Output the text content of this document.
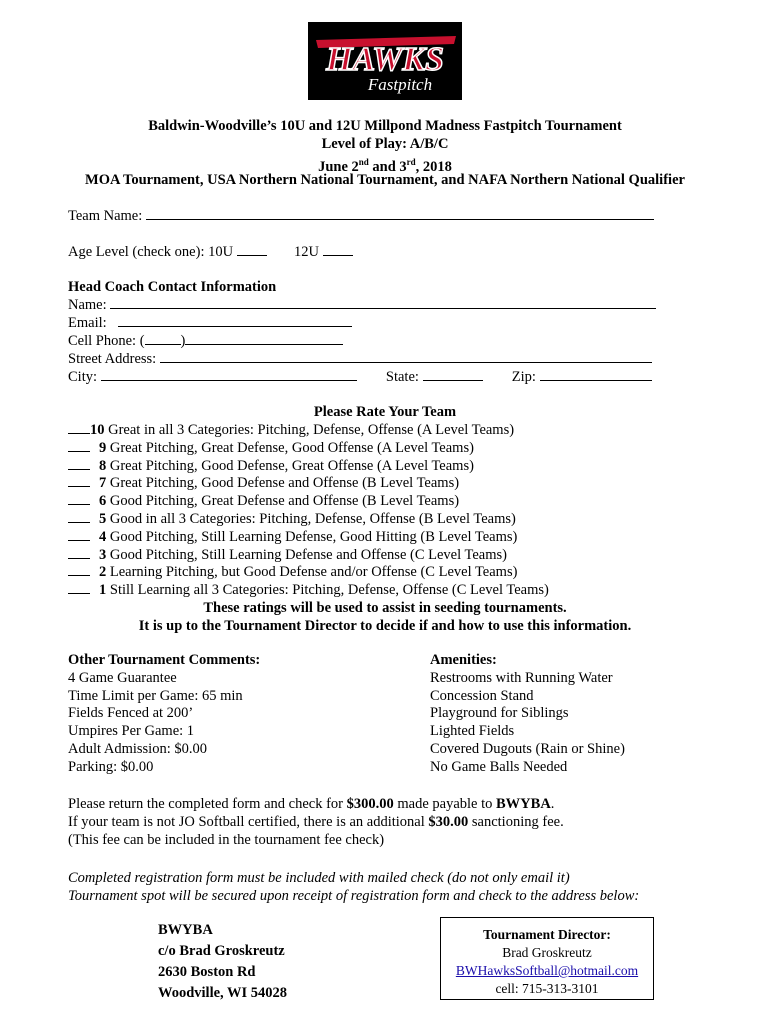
HAWKS
Fastpitch
Baldwin-Woodville’s 10U and 12U Millpond Madness Fastpitch Tournament
Level of Play: A/B/C
June 2nd and 3rd, 2018
MOA Tournament, USA Northern National Tournament, and NAFA Northern National Qualifier
Team Name:
Age Level (check one): 10U	12U
Head Coach Contact Information
Name:
Email:
Cell Phone: ( )
Street Address:
City:	State:	Zip:
Please Rate Your Team
10 Great in all 3 Categories: Pitching, Defense, Offense (A Level Teams)
9 Great Pitching, Great Defense, Good Offense (A Level Teams)
8 Great Pitching, Good Defense, Great Offense (A Level Teams)
7 Great Pitching, Good Defense and Offense (B Level Teams)
6 Good Pitching, Great Defense and Offense (B Level Teams)
5 Good in all 3 Categories: Pitching, Defense, Offense (B Level Teams)
4 Good Pitching, Still Learning Defense, Good Hitting (B Level Teams)
3 Good Pitching, Still Learning Defense and Offense (C Level Teams)
2 Learning Pitching, but Good Defense and/or Offense (C Level Teams)
1 Still Learning all 3 Categories: Pitching, Defense, Offense (C Level Teams)
These ratings will be used to assist in seeding tournaments.
It is up to the Tournament Director to decide if and how to use this information.
Other Tournament Comments:
4 Game Guarantee
Time Limit per Game: 65 min
Fields Fenced at 200’
Umpires Per Game: 1
Adult Admission: $0.00
Parking: $0.00
Amenities:
Restrooms with Running Water
Concession Stand
Playground for Siblings
Lighted Fields
Covered Dugouts (Rain or Shine)
No Game Balls Needed
Please return the completed form and check for $300.00 made payable to BWYBA.
If your team is not JO Softball certified, there is an additional $30.00 sanctioning fee.
(This fee can be included in the tournament fee check)
Completed registration form must be included with mailed check (do not only email it)
Tournament spot will be secured upon receipt of registration form and check to the address below:
BWYBA
c/o Brad Groskreutz
2630 Boston Rd
Woodville, WI 54028
Tournament Director:
Brad Groskreutz
BWHawksSoftball@hotmail.com
cell: 715-313-3101
